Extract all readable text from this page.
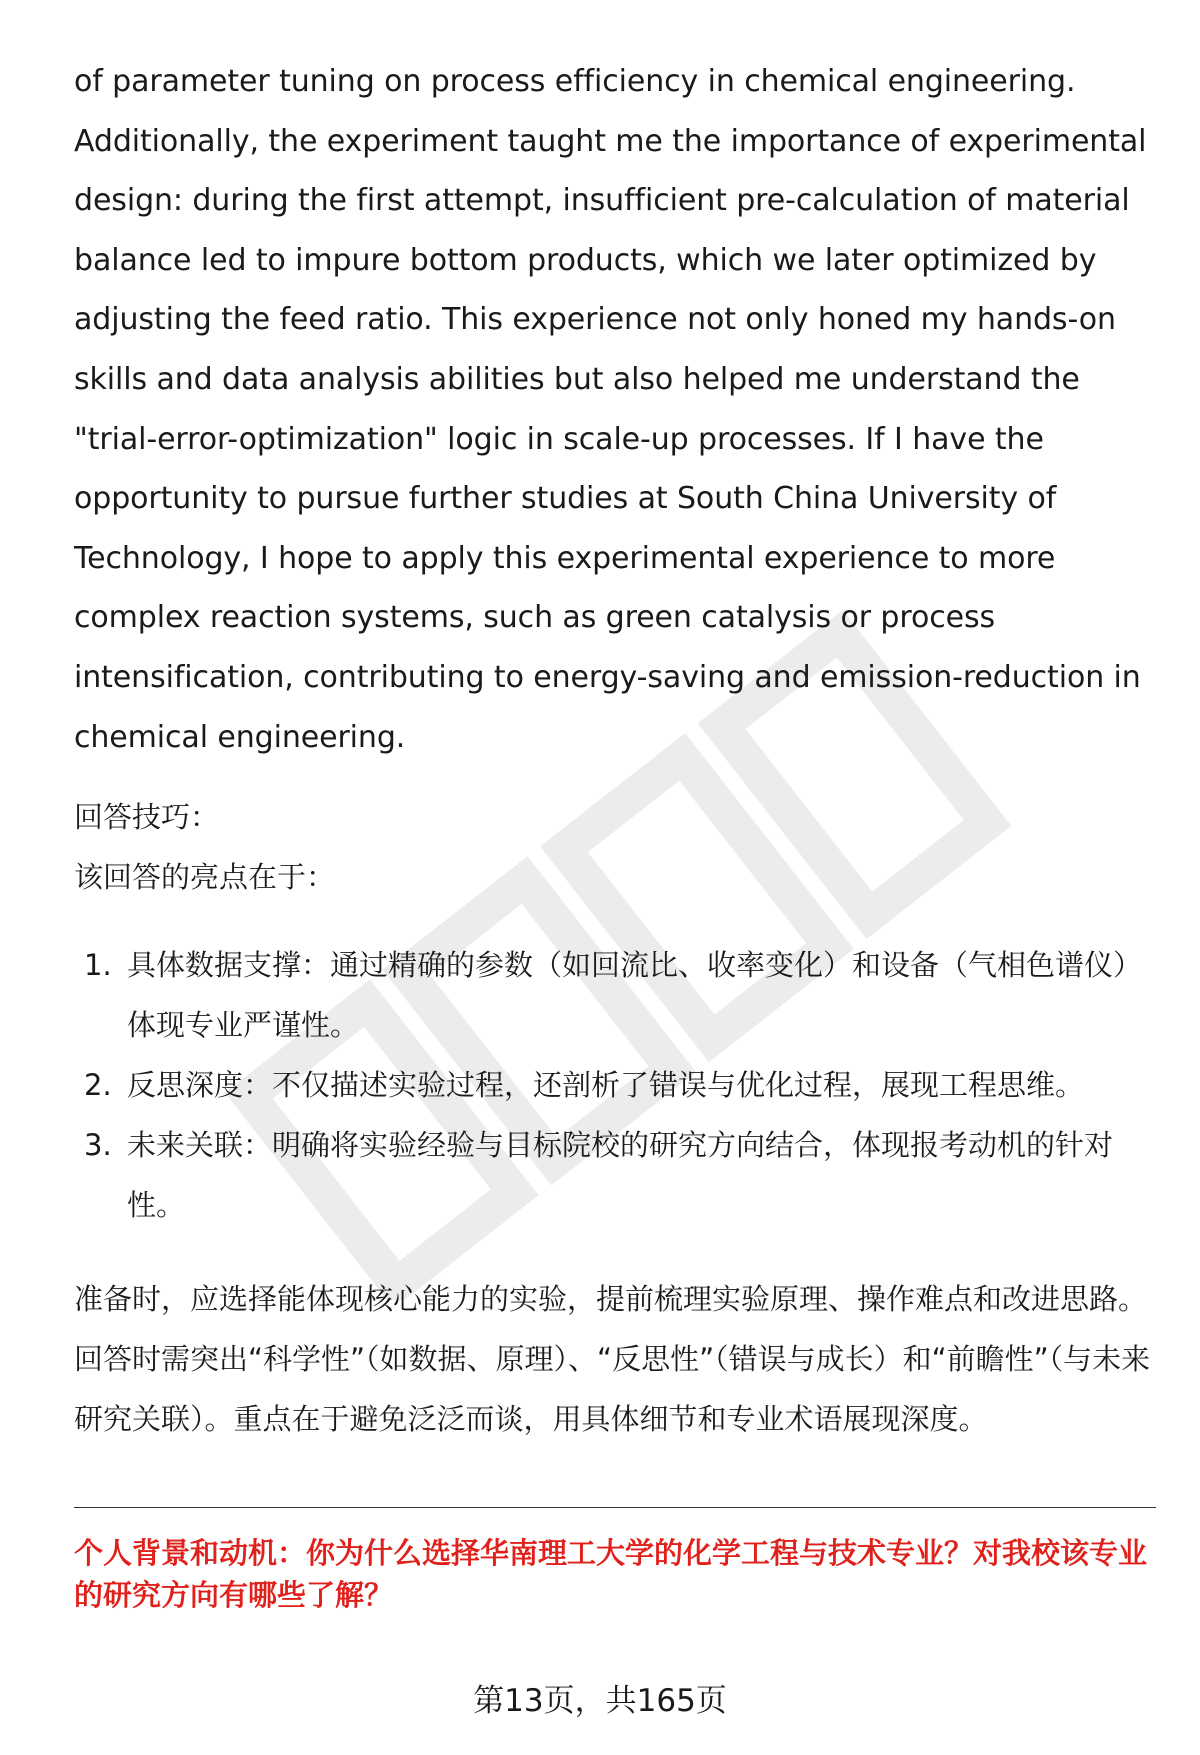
of parameter tuning on process efficiency in chemical engineering. Additionally, the experiment taught me the importance of experimental design: during the first attempt, insufficient pre-calculation of material balance led to impure bottom products, which we later optimized by adjusting the feed ratio. This experience not only honed my hands-on skills and data analysis abilities but also helped me understand the "trial-error-optimization" logic in scale-up processes. If I have the opportunity to pursue further studies at South China University of Technology, I hope to apply this experimental experience to more complex reaction systems, such as green catalysis or process intensification, contributing to energy-saving and emission-reduction in chemical engineering.

回答技巧：

该回答的亮点在于：

1. 具体数据支撑：通过精确的参数（如回流比、收率变化）和设备（气相色谱仪）体现专业严谨性。
2. 反思深度：不仅描述实验过程，还剖析了错误与优化过程，展现工程思维。
3. 未来关联：明确将实验经验与目标院校的研究方向结合，体现报考动机的针对性。

准备时，应选择能体现核心能力的实验，提前梳理实验原理、操作难点和改进思路。回答时需突出“科学性”（如数据、原理）、“反思性”（错误与成长）和“前瞻性”（与未来研究关联）。重点在于避免泛泛而谈，用具体细节和专业术语展现深度。

个人背景和动机：你为什么选择华南理工大学的化学工程与技术专业？对我校该专业的研究方向有哪些了解？

第13页，共165页
